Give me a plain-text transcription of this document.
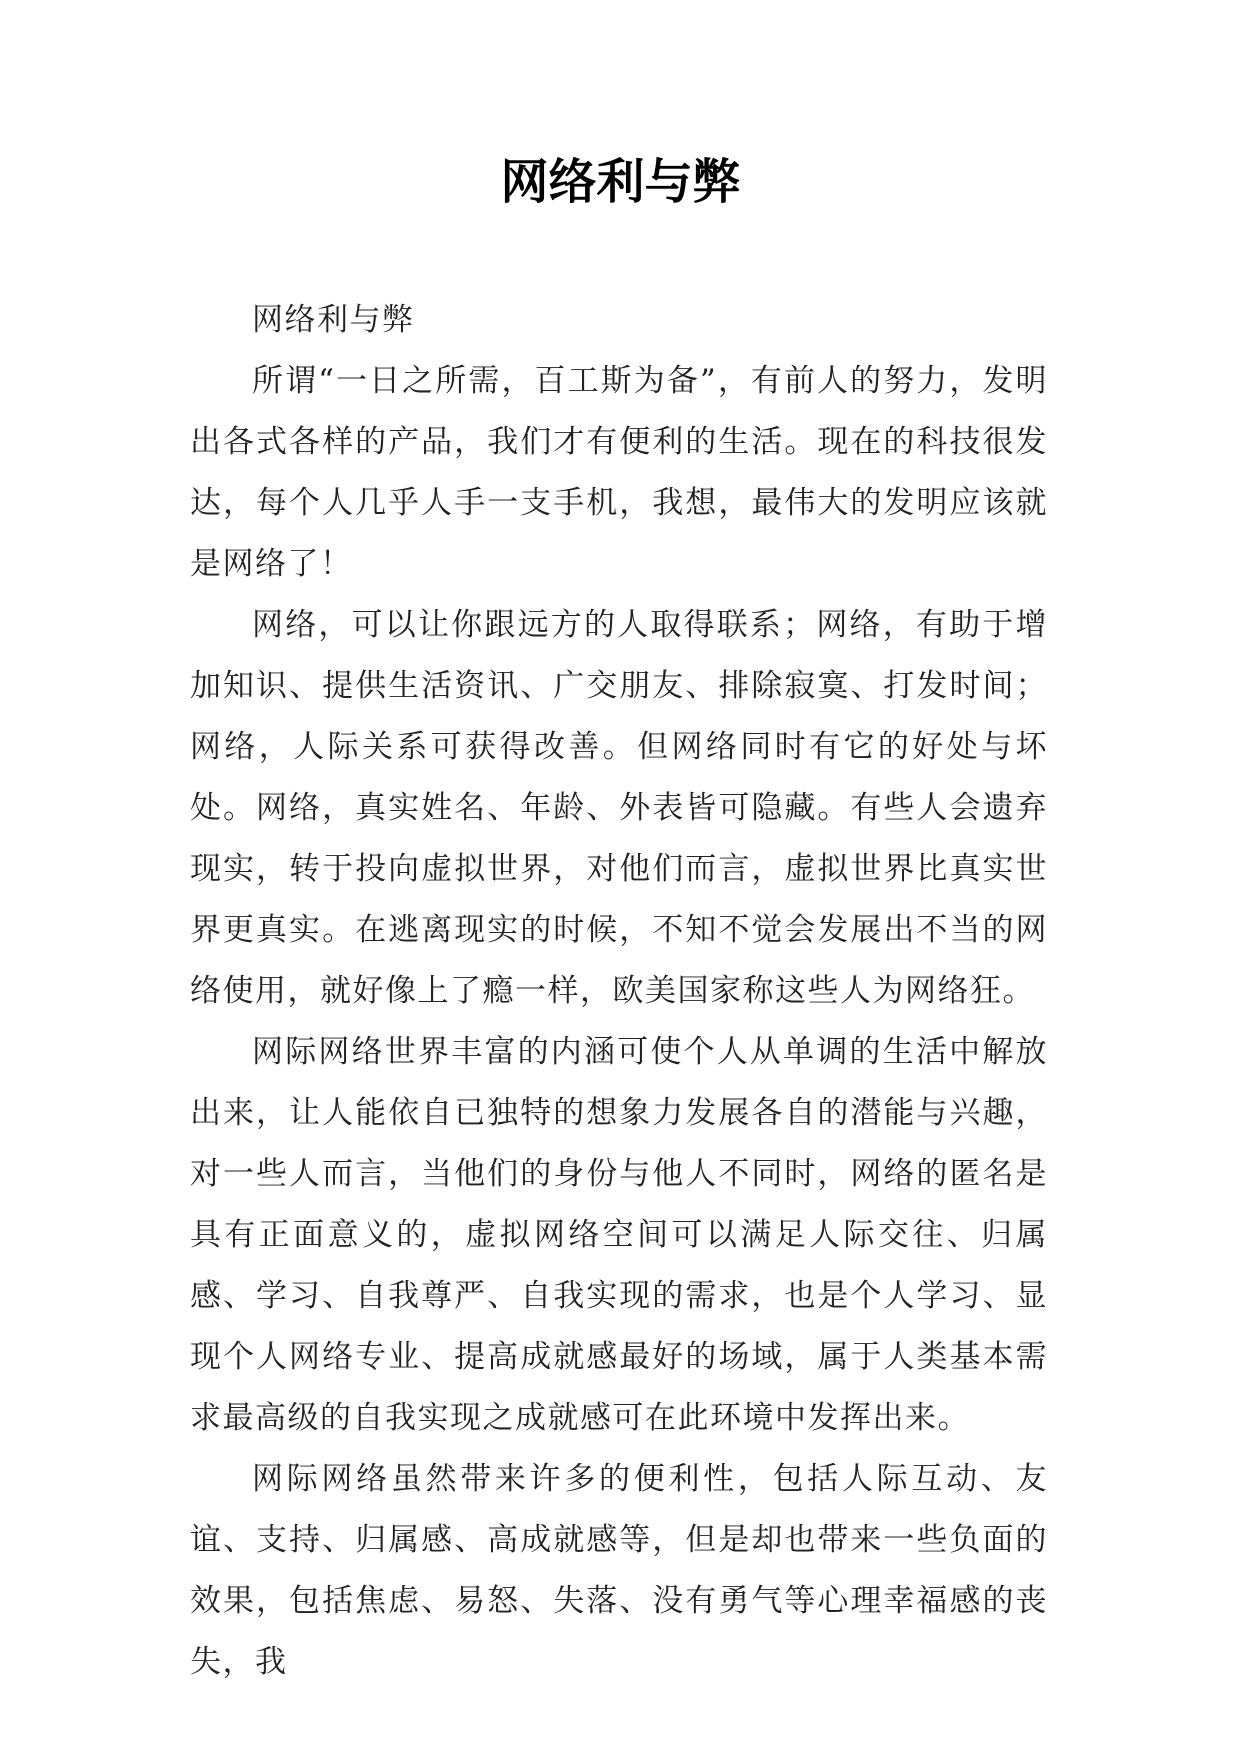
网络利与弊

网络利与弊

所谓“一日之所需，百工斯为备”，有前人的努力，发明出各式各样的产品，我们才有便利的生活。现在的科技很发达，每个人几乎人手一支手机，我想，最伟大的发明应该就是网络了！

网络，可以让你跟远方的人取得联系；网络，有助于增加知识、提供生活资讯、广交朋友、排除寂寞、打发时间；网络，人际关系可获得改善。但网络同时有它的好处与坏处。网络，真实姓名、年龄、外表皆可隐藏。有些人会遗弃现实，转于投向虚拟世界，对他们而言，虚拟世界比真实世界更真实。在逃离现实的时候，不知不觉会发展出不当的网络使用，就好像上了瘾一样，欧美国家称这些人为网络狂。

网际网络世界丰富的内涵可使个人从单调的生活中解放出来，让人能依自已独特的想象力发展各自的潜能与兴趣，对一些人而言，当他们的身份与他人不同时，网络的匿名是具有正面意义的，虚拟网络空间可以满足人际交往、归属感、学习、自我尊严、自我实现的需求，也是个人学习、显现个人网络专业、提高成就感最好的场域，属于人类基本需求最高级的自我实现之成就感可在此环境中发挥出来。

网际网络虽然带来许多的便利性，包括人际互动、友谊、支持、归属感、高成就感等，但是却也带来一些负面的效果，包括焦虑、易怒、失落、没有勇气等心理幸福感的丧失，我
